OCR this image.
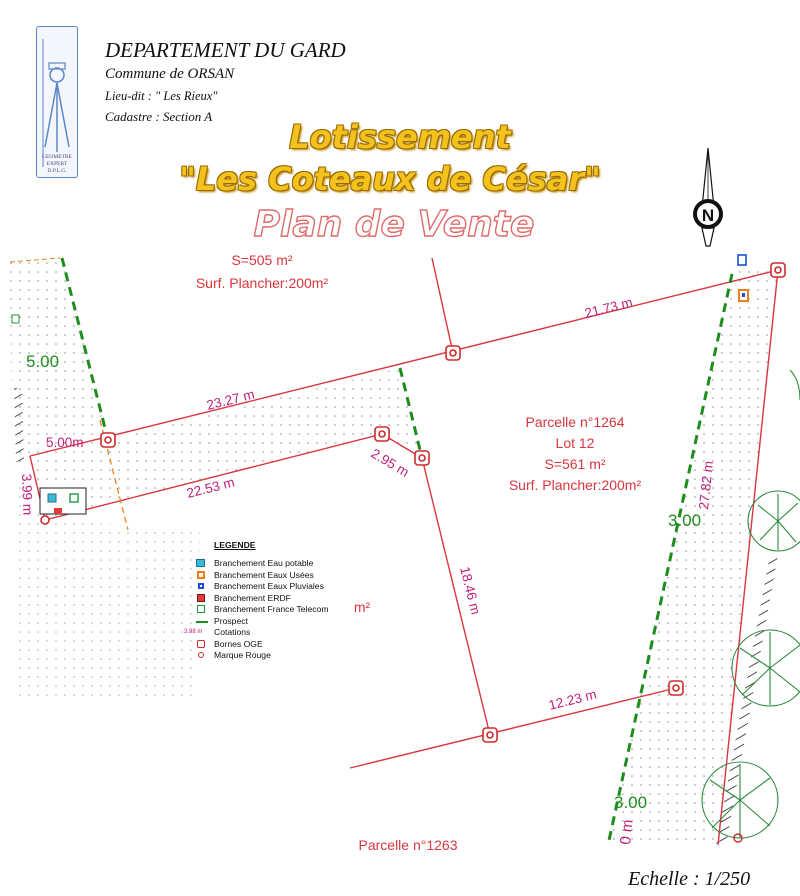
21.73 m
23.27 m
22.53 m
2.95 m
5.00m
3.99 m
18.46 m
12.23 m
27.82 m
5.00
3.00
3.00
0 m
S=505 m²
Surf. Plancher:200m²
Parcelle n°1264
Lot 12
S=561 m²
Surf. Plancher:200m²
m²
Parcelle n°1263
N
GEOMETRE
EXPERT
D.P.L.G.
DEPARTEMENT DU GARD
Commune de ORSAN
Lieu-dit : " Les Rieux"
Cadastre : Section A
Lotissement
"Les Coteaux de César"
Plan de Vente
LEGENDE
Branchement Eau potable
Branchement Eaux Usées
Branchement Eaux Pluviales
Branchement ERDF
Branchement France Telecom
Prospect
3.98 m Cotations
Bornes OGE
Marque Rouge
Echelle : 1/250
